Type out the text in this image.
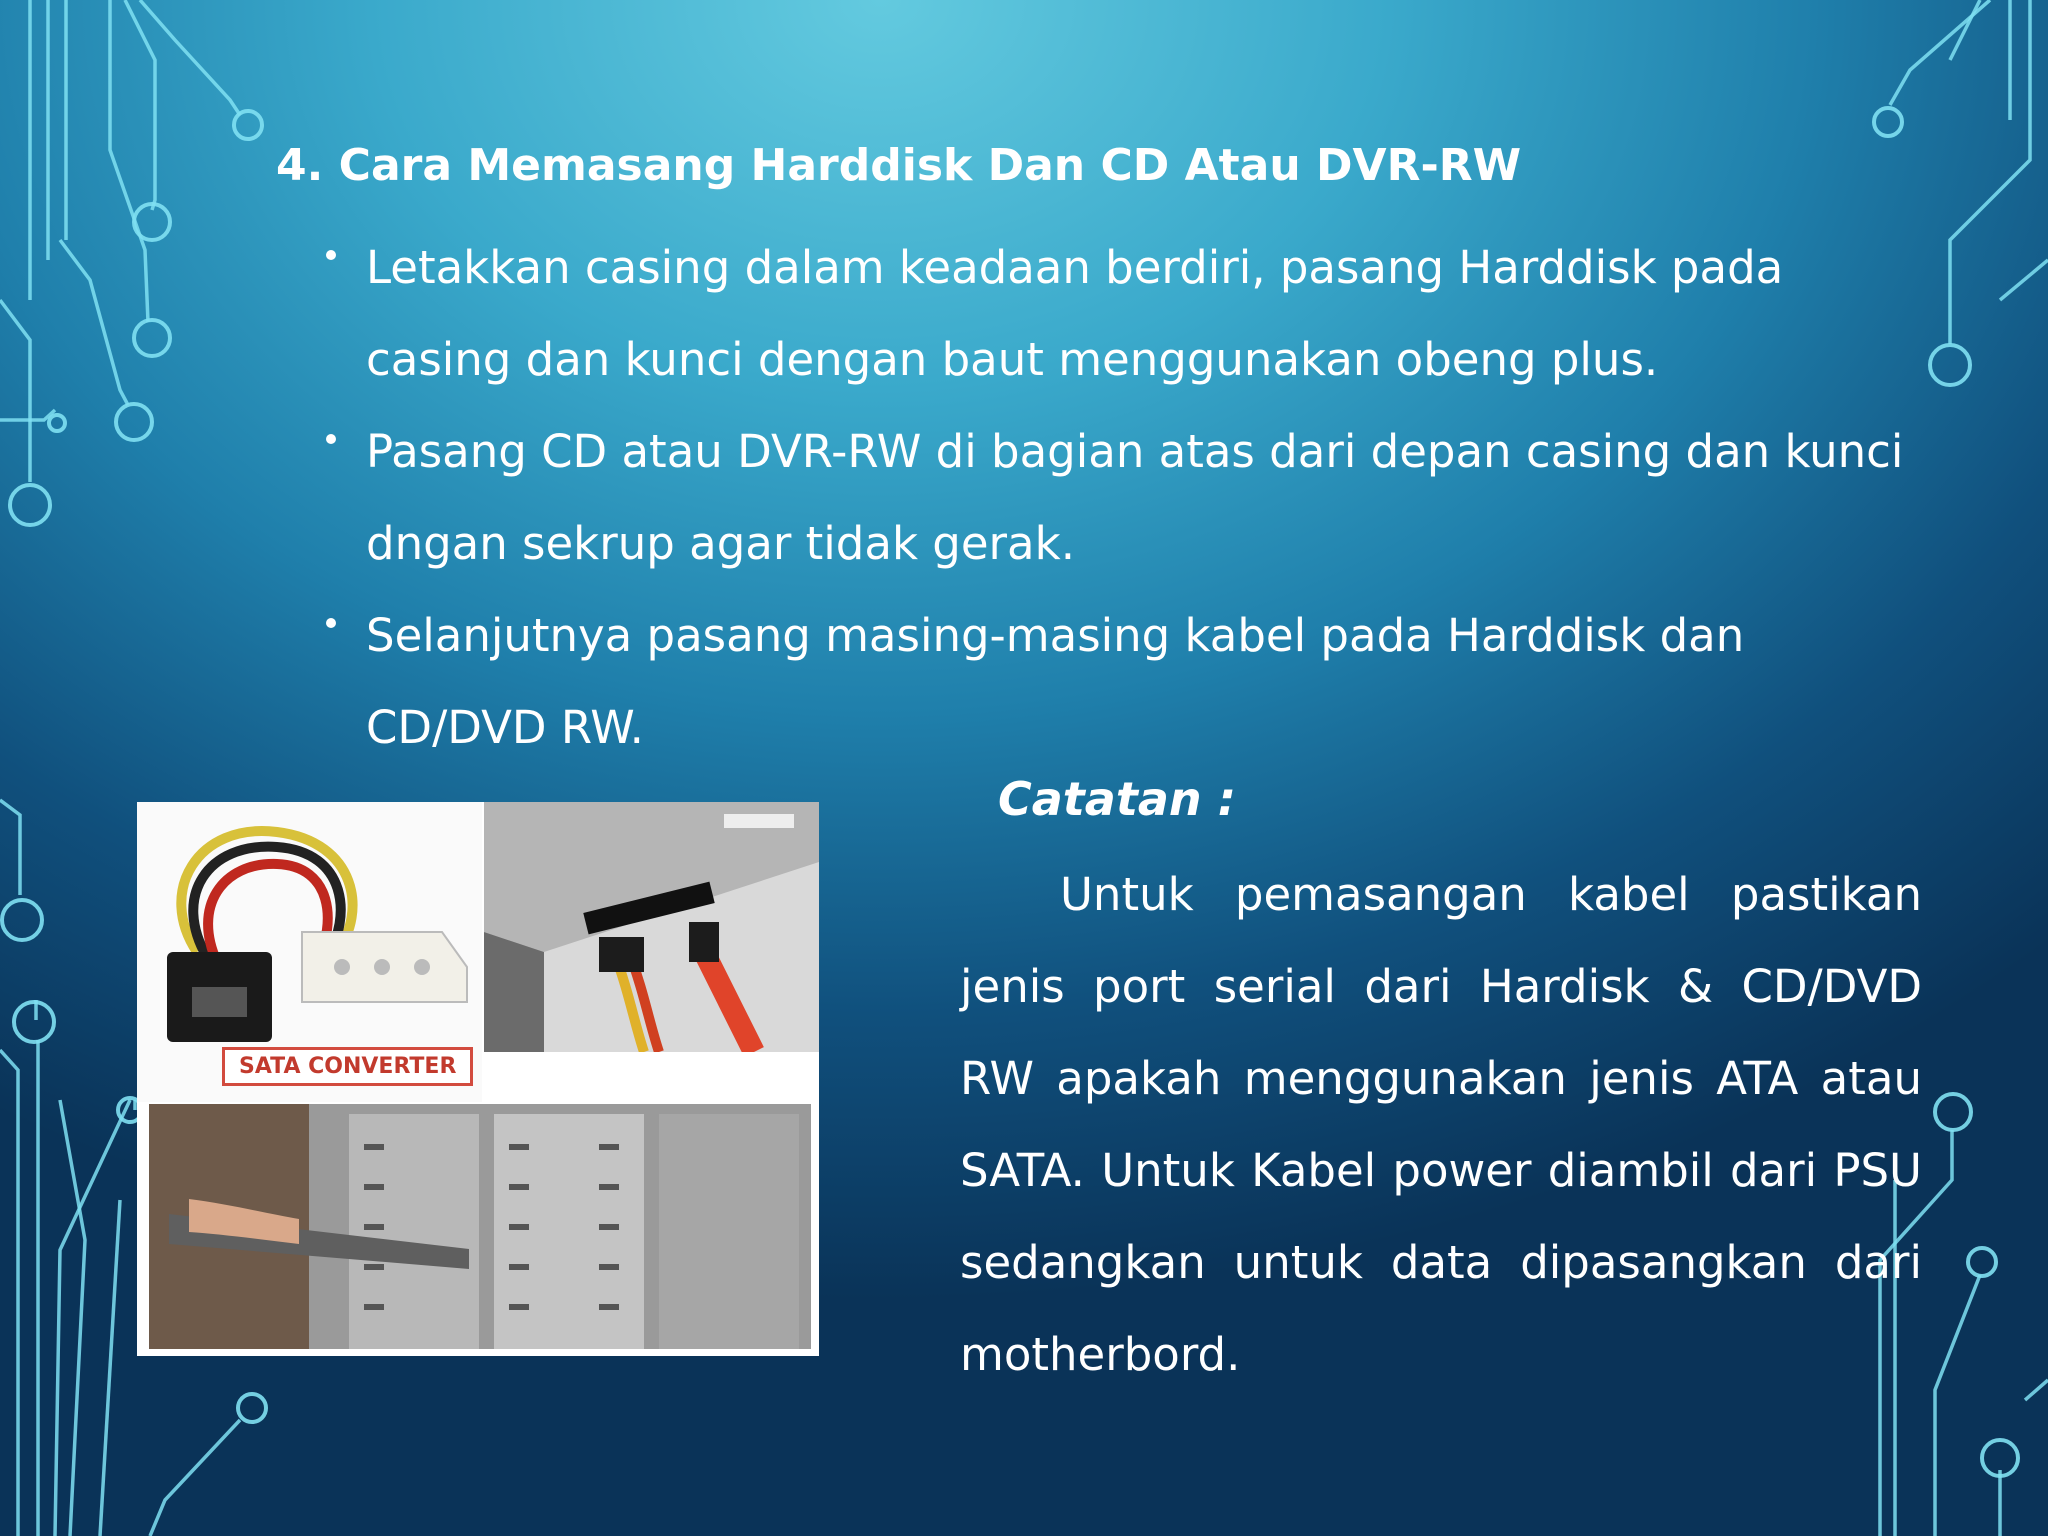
4. Cara Memasang Harddisk Dan CD Atau DVR-RW
Letakkan casing dalam keadaan berdiri, pasang Harddisk pada casing dan kunci dengan baut menggunakan obeng plus.
Pasang CD atau DVR-RW di bagian atas dari depan casing dan kunci dngan sekrup agar tidak gerak.
Selanjutnya pasang masing-masing kabel pada Harddisk dan CD/DVD RW.
SATA CONVERTER

Catatan :

Untuk pemasangan kabel pastikan jenis port serial dari Hardisk & CD/DVD RW apakah menggunakan jenis ATA atau SATA. Untuk Kabel power diambil dari PSU sedangkan untuk data dipasangkan dari motherbord.
